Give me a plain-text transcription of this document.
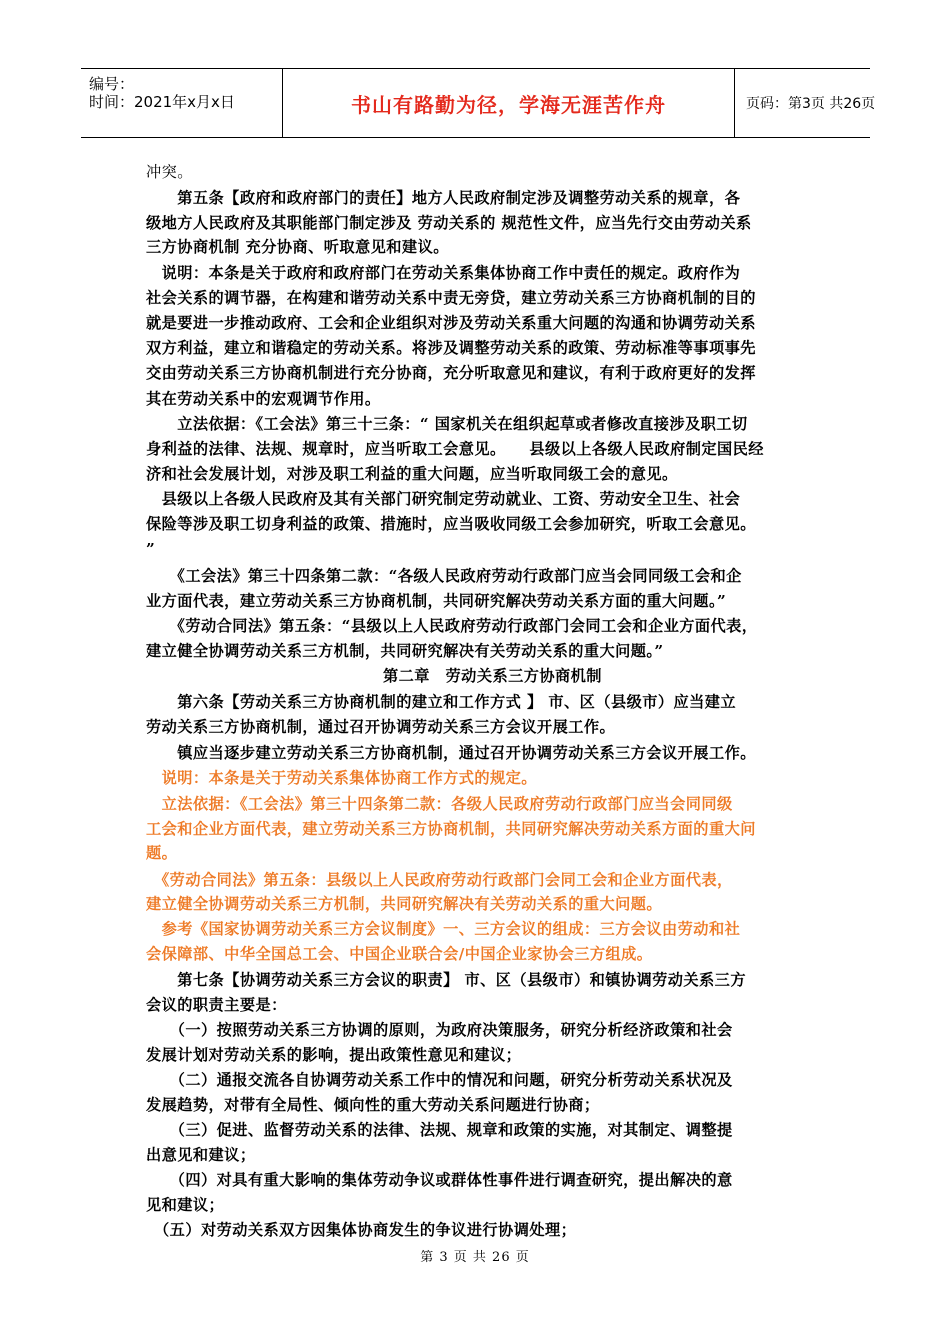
编号：
时间：2021年x月x日	书山有路勤为径，学海无涯苦作舟	页码：第3页 共26页
冲突。
　　第五条【政府和政府部门的责任】地方人民政府制定涉及调整劳动关系的规章，各
级地方人民政府及其职能部门制定涉及 劳动关系的 规范性文件，应当先行交由劳动关系
三方协商机制 充分协商、听取意见和建议。
　说明：本条是关于政府和政府部门在劳动关系集体协商工作中责任的规定。政府作为
社会关系的调节器，在构建和谐劳动关系中责无旁贷，建立劳动关系三方协商机制的目的
就是要进一步推动政府、工会和企业组织对涉及劳动关系重大问题的沟通和协调劳动关系
双方利益，建立和谐稳定的劳动关系。将涉及调整劳动关系的政策、劳动标准等事项事先
交由劳动关系三方协商机制进行充分协商，充分听取意见和建议，有利于政府更好的发挥
其在劳动关系中的宏观调节作用。
　　立法依据：《工会法》第三十三条：“ 国家机关在组织起草或者修改直接涉及职工切
身利益的法律、法规、规章时，应当听取工会意见。　　县级以上各级人民政府制定国民经
济和社会发展计划，对涉及职工利益的重大问题，应当听取同级工会的意见。
　县级以上各级人民政府及其有关部门研究制定劳动就业、工资、劳动安全卫生、社会
保险等涉及职工切身利益的政策、措施时，应当吸收同级工会参加研究，听取工会意见。
”
　　《工会法》第三十四条第二款：“各级人民政府劳动行政部门应当会同同级工会和企
业方面代表，建立劳动关系三方协商机制，共同研究解决劳动关系方面的重大问题。”
　　《劳动合同法》第五条：“县级以上人民政府劳动行政部门会同工会和企业方面代表，
建立健全协调劳动关系三方机制，共同研究解决有关劳动关系的重大问题。”
第二章　劳动关系三方协商机制
　　第六条【劳动关系三方协商机制的建立和工作方式 】 市、区（县级市）应当建立
劳动关系三方协商机制，通过召开协调劳动关系三方会议开展工作。
　　镇应当逐步建立劳动关系三方协商机制，通过召开协调劳动关系三方会议开展工作。
　说明：本条是关于劳动关系集体协商工作方式的规定。
　立法依据：《工会法》第三十四条第二款：各级人民政府劳动行政部门应当会同同级
工会和企业方面代表，建立劳动关系三方协商机制，共同研究解决劳动关系方面的重大问
题。
　《劳动合同法》第五条：县级以上人民政府劳动行政部门会同工会和企业方面代表，
建立健全协调劳动关系三方机制，共同研究解决有关劳动关系的重大问题。
　参考《国家协调劳动关系三方会议制度》一、三方会议的组成：三方会议由劳动和社
会保障部、中华全国总工会、中国企业联合会/中国企业家协会三方组成。
　　第七条【协调劳动关系三方会议的职责】 市、区（县级市）和镇协调劳动关系三方
会议的职责主要是：
　　（一）按照劳动关系三方协调的原则，为政府决策服务，研究分析经济政策和社会
发展计划对劳动关系的影响，提出政策性意见和建议；
　　（二）通报交流各自协调劳动关系工作中的情况和问题，研究分析劳动关系状况及
发展趋势，对带有全局性、倾向性的重大劳动关系问题进行协商；
　　（三）促进、监督劳动关系的法律、法规、规章和政策的实施，对其制定、调整提
出意见和建议；
　　（四）对具有重大影响的集体劳动争议或群体性事件进行调查研究，提出解决的意
见和建议；
　（五）对劳动关系双方因集体协商发生的争议进行协调处理；
第 3 页 共 26 页
